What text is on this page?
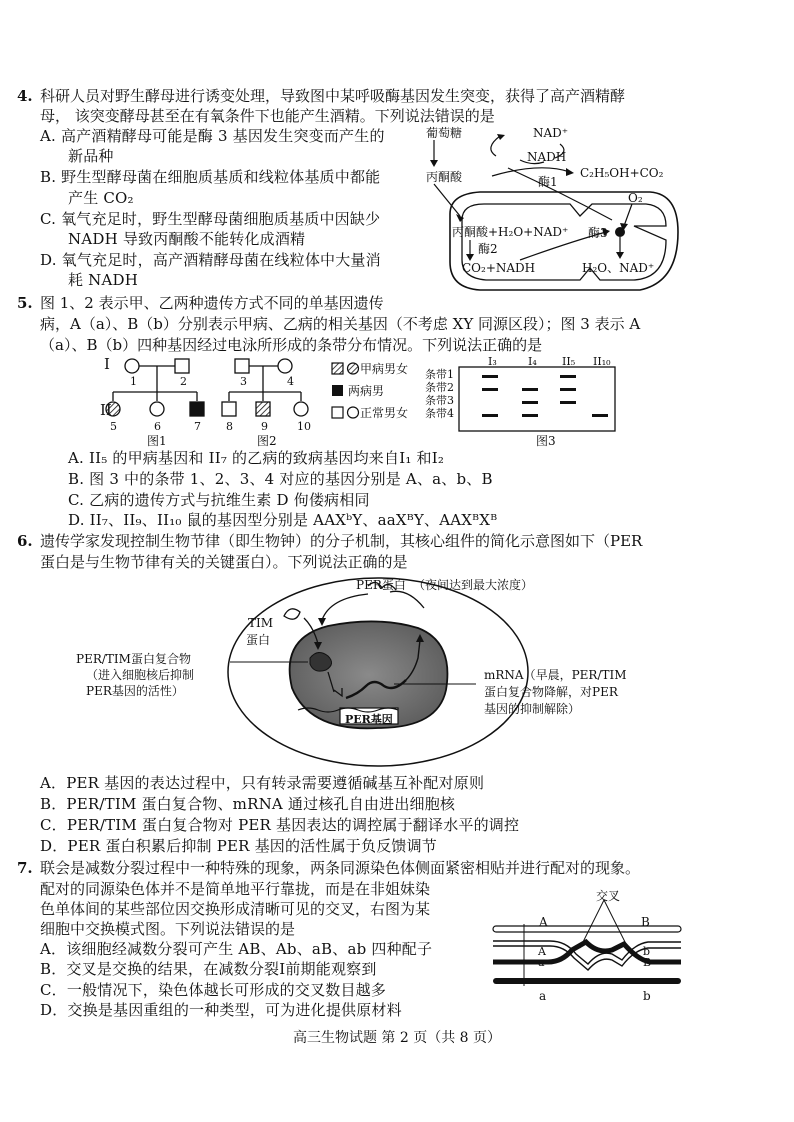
4. 科研人员对野生酵母进行诱变处理，导致图中某呼吸酶基因发生突变，获得了高产酒精酵
母， 该突变酵母甚至在有氧条件下也能产生酒精。下列说法错误的是
A. 高产酒精酵母可能是酶 3 基因发生突变而产生的
新品种
B. 野生型酵母菌在细胞质基质和线粒体基质中都能
产生 CO₂
C. 氧气充足时，野生型酵母菌细胞质基质中因缺少
NADH 导致丙酮酸不能转化成酒精
D. 氧气充足时，高产酒精酵母菌在线粒体中大量消
耗 NADH
葡萄糖	NAD⁺
NADH
C₂H₅OH+CO₂
丙酮酸	酶1
O₂
丙酮酸+H₂O+NAD⁺
酶2
CO₂+NADH
酶3
H₂O、NAD⁺
5. 图 1、2 表示甲、乙两种遗传方式不同的单基因遗传
病，A（a）、B（b）分别表示甲病、乙病的相关基因（不考虑 XY 同源区段）；图 3 表示 A
（a）、B（b）四种基因经过电泳所形成的条带分布情况。下列说法正确的是
I
II
1	2	3	4
5	6	7 8	9	10
图1	图2
甲病男女
两病男
正常男女
I₃	I₄ II₅ II₁₀
条带1
条带2
条带3
条带4
图3
A. II₅ 的甲病基因和 II₇ 的乙病的致病基因均来自I₁ 和I₂
B. 图 3 中的条带 1、2、3、4 对应的基因分别是 A、a、b、B
C. 乙病的遗传方式与抗维生素 D 佝偻病相同
D. II₇、II₉、II₁₀ 鼠的基因型分别是 AAXᵇY、aaXᴮY、AAXᴮXᴮ
6. 遗传学家发现控制生物节律（即生物钟）的分子机制，其核心组件的简化示意图如下（PER
蛋白是与生物节律有关的关键蛋白）。下列说法正确的是
PER蛋白 （夜间达到最大浓度）
TIM
蛋白
PER/TIM蛋白复合物
（进入细胞核后抑制
PER基因的活性）
mRNA（早晨，PER/TIM
蛋白复合物降解，对PER
基因的抑制解除）
PER基因
A．PER 基因的表达过程中，只有转录需要遵循碱基互补配对原则
B．PER/TIM 蛋白复合物、mRNA 通过核孔自由进出细胞核
C．PER/TIM 蛋白复合物对 PER 基因表达的调控属于翻译水平的调控
D．PER 蛋白积累后抑制 PER 基因的活性属于负反馈调节
7. 联会是减数分裂过程中一种特殊的现象，两条同源染色体侧面紧密相贴并进行配对的现象。
配对的同源染色体并不是简单地平行靠拢，而是在非姐妹染
色单体间的某些部位因交换形成清晰可见的交叉，右图为某
细胞中交换模式图。下列说法错误的是
A．该细胞经减数分裂可产生 AB、Ab、aB、ab 四种配子
B．交叉是交换的结果，在减数分裂Ⅰ前期能观察到
C．一般情况下，染色体越长可形成的交叉数目越多
D．交换是基因重组的一种类型，可为进化提供原材料
交叉
A	B
A
a
b
B
a	b
高三生物试题 第 2 页（共 8 页）
